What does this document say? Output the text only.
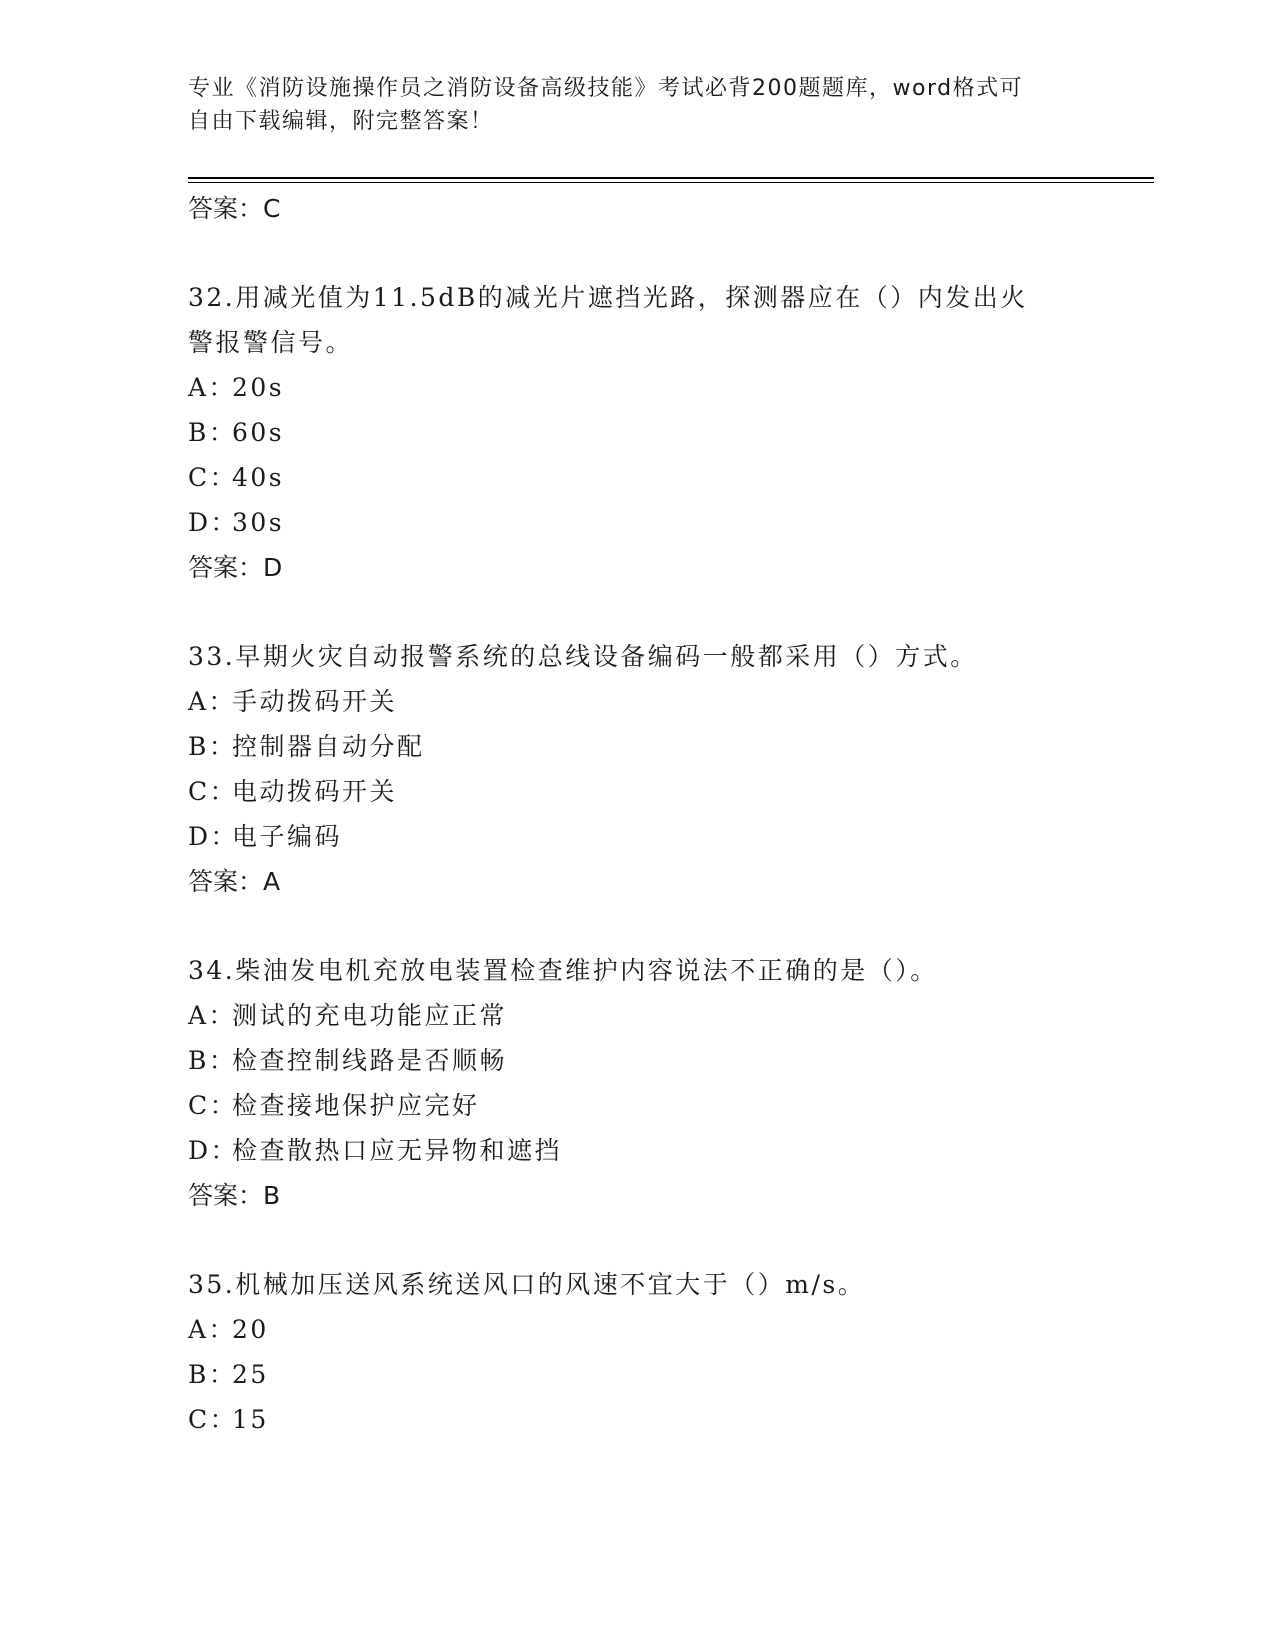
专业《消防设施操作员之消防设备高级技能》考试必背200题题库，word格式可
自由下载编辑，附完整答案！
答案：C
32.用减光值为11.5dB的减光片遮挡光路，探测器应在（）内发出火
警报警信号。
A：20s
B：60s
C：40s
D：30s
答案：D
33.早期火灾自动报警系统的总线设备编码一般都采用（）方式。
A：手动拨码开关
B：控制器自动分配
C：电动拨码开关
D：电子编码
答案：A
34.柴油发电机充放电装置检查维护内容说法不正确的是（）。
A：测试的充电功能应正常
B：检查控制线路是否顺畅
C：检查接地保护应完好
D：检查散热口应无异物和遮挡
答案：B
35.机械加压送风系统送风口的风速不宜大于（）m/s。
A：20
B：25
C：15
